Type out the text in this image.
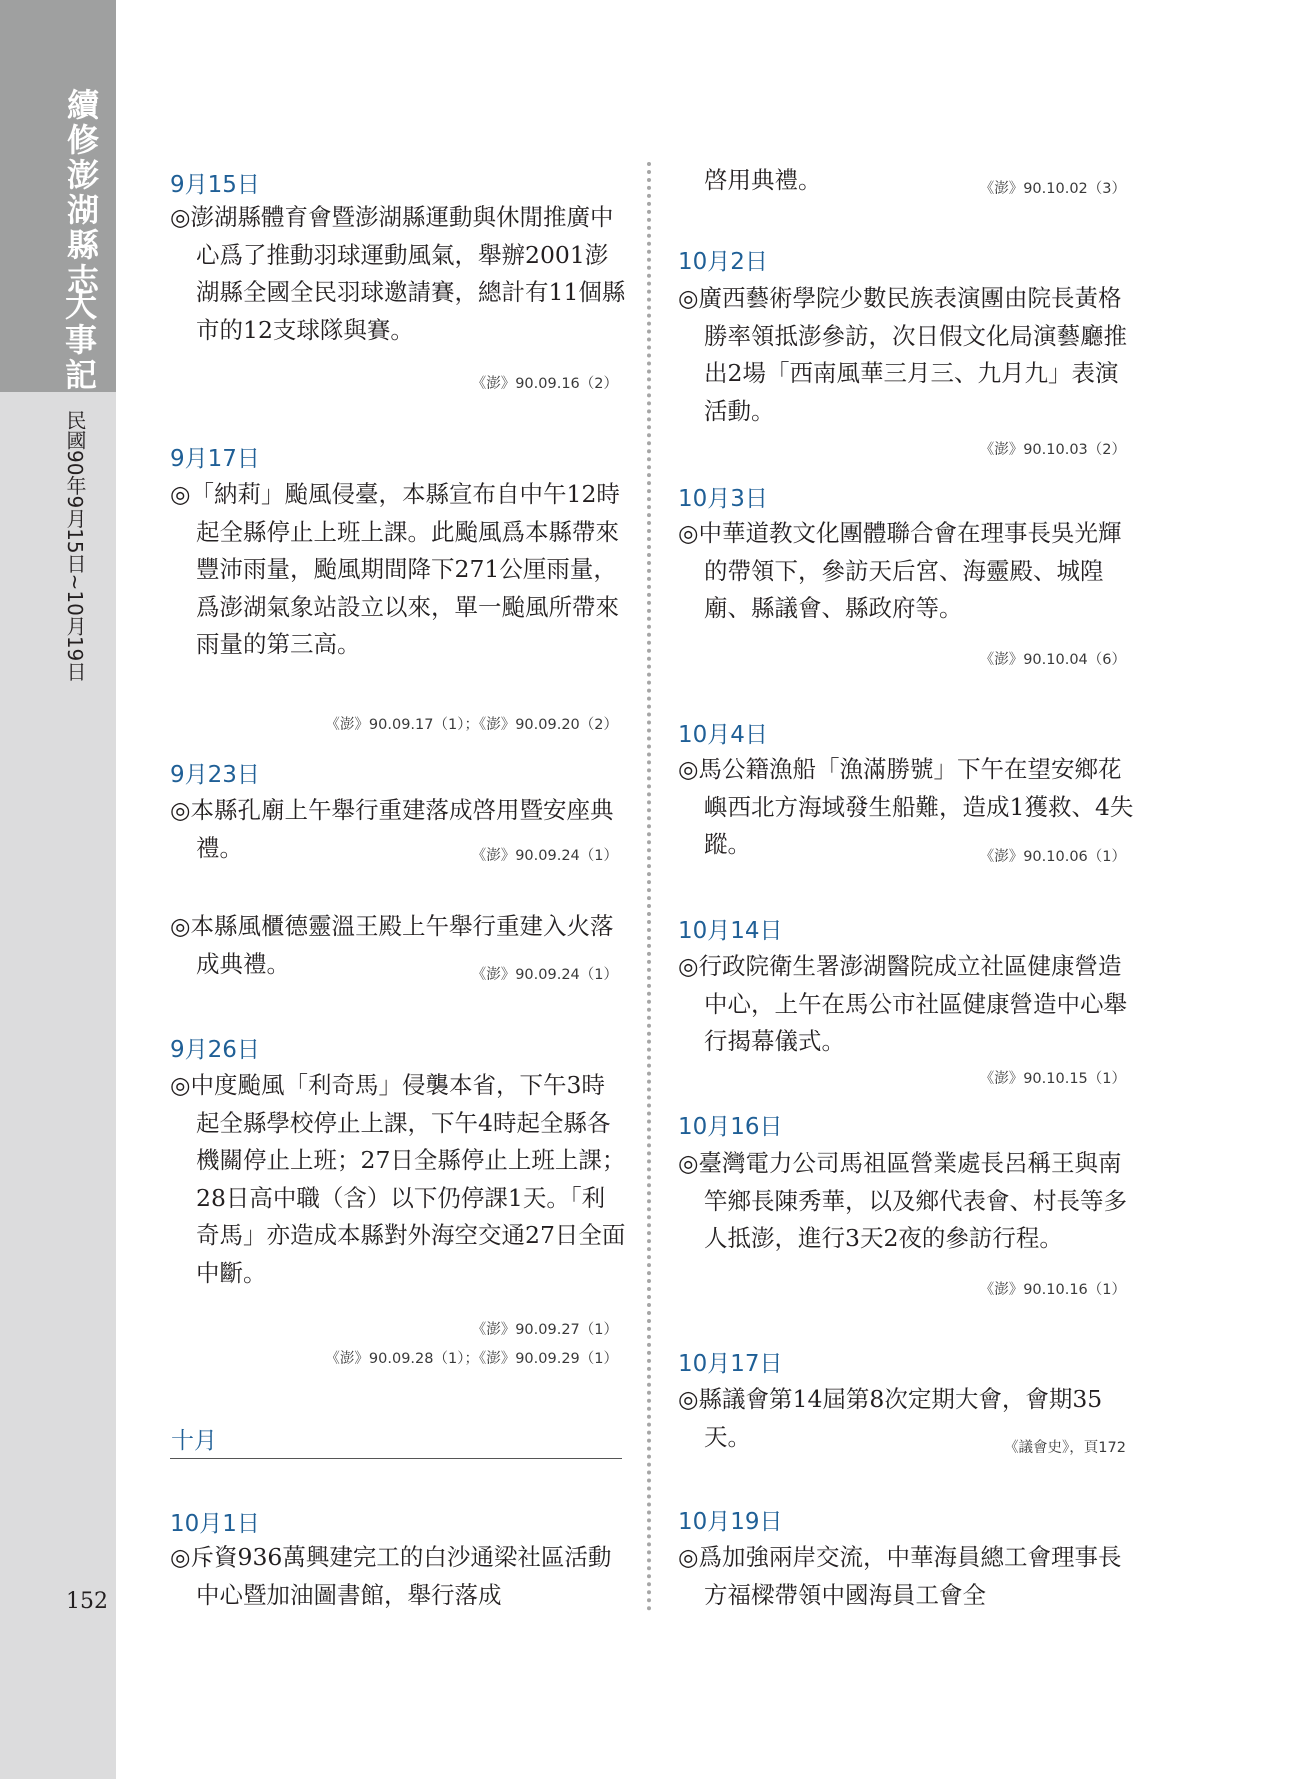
續修澎湖縣志
大事記
民國90年9月15日~10月19日
152
9月15日
◎澎湖縣體育會暨澎湖縣運動與休閒推廣中心爲了推動羽球運動風氣，舉辦2001澎湖縣全國全民羽球邀請賽，總計有11個縣市的12支球隊與賽。
《澎》90.09.16（2）
9月17日
◎「納莉」颱風侵臺，本縣宣布自中午12時起全縣停止上班上課。此颱風爲本縣帶來豐沛雨量，颱風期間降下271公厘雨量，爲澎湖氣象站設立以來，單一颱風所帶來雨量的第三高。
《澎》90.09.17（1）；《澎》90.09.20（2）
9月23日
◎本縣孔廟上午舉行重建落成啓用暨安座典禮。	《澎》90.09.24（1）
◎本縣風櫃德靈溫王殿上午舉行重建入火落成典禮。	《澎》90.09.24（1）
9月26日
◎中度颱風「利奇馬」侵襲本省，下午3時起全縣學校停止上課，下午4時起全縣各機關停止上班；27日全縣停止上班上課；28日高中職（含）以下仍停課1天。「利奇馬」亦造成本縣對外海空交通27日全面中斷。
《澎》90.09.27（1）
《澎》90.09.28（1）；《澎》90.09.29（1）
10月1日
◎斥資936萬興建完工的白沙通梁社區活動中心暨加油圖書館，舉行落成
十月
啓用典禮。	《澎》90.10.02（3）
10月2日
◎廣西藝術學院少數民族表演團由院長黃格勝率領抵澎參訪，次日假文化局演藝廳推出2場「西南風華三月三、九月九」表演活動。
《澎》90.10.03（2）
10月3日
◎中華道教文化團體聯合會在理事長吳光輝的帶領下，參訪天后宮、海靈殿、城隍廟、縣議會、縣政府等。
《澎》90.10.04（6）
10月4日
◎馬公籍漁船「漁滿勝號」下午在望安鄉花嶼西北方海域發生船難，造成1獲救、4失蹤。	《澎》90.10.06（1）
10月14日
◎行政院衛生署澎湖醫院成立社區健康營造中心，上午在馬公市社區健康營造中心舉行揭幕儀式。
《澎》90.10.15（1）
10月16日
◎臺灣電力公司馬祖區營業處長呂稱王與南竿鄉長陳秀華，以及鄉代表會、村長等多人抵澎，進行3天2夜的參訪行程。
《澎》90.10.16（1）
10月17日
◎縣議會第14屆第8次定期大會，會期35天。	《議會史》，頁172
10月19日
◎爲加強兩岸交流，中華海員總工會理事長方福樑帶領中國海員工會全
